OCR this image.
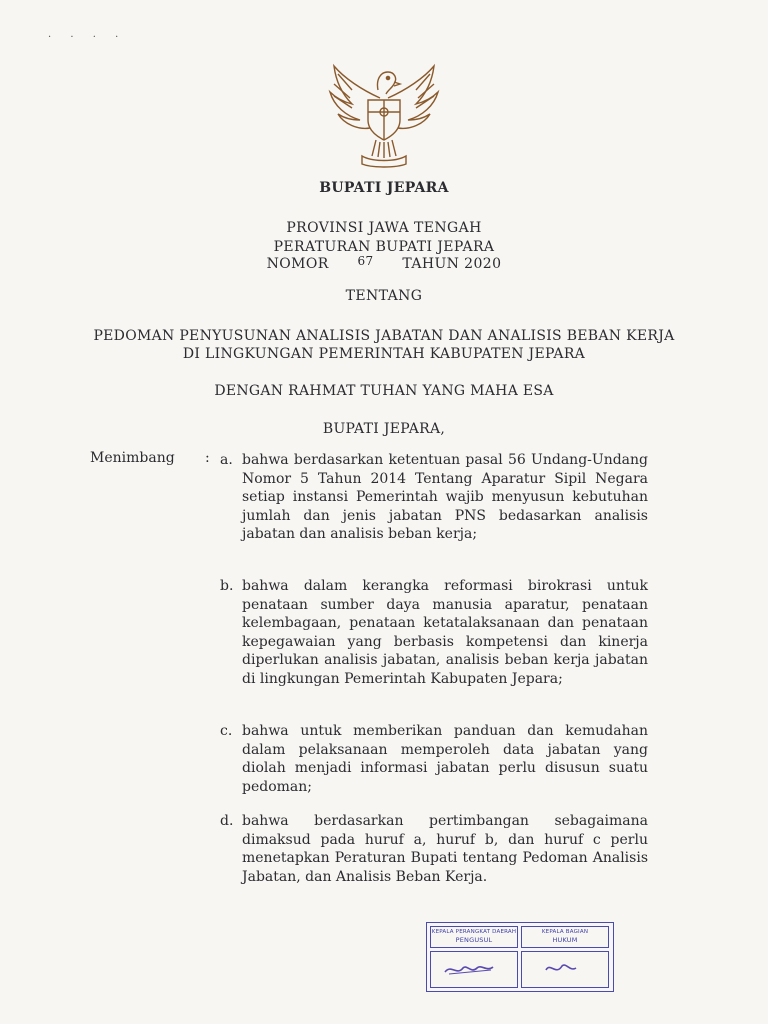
· · · ·
BUPATI JEPARA
PROVINSI JAWA TENGAH
PERATURAN BUPATI JEPARA
NOMOR 67 TAHUN 2020
TENTANG
PEDOMAN PENYUSUNAN ANALISIS JABATAN DAN ANALISIS BEBAN KERJA
DI LINGKUNGAN PEMERINTAH KABUPATEN JEPARA
DENGAN RAHMAT TUHAN YANG MAHA ESA
BUPATI JEPARA,
Menimbang : a. bahwa berdasarkan ketentuan pasal 56 Undang-Undang Nomor 5 Tahun 2014 Tentang Aparatur Sipil Negara setiap instansi Pemerintah wajib menyusun kebutuhan jumlah dan jenis jabatan PNS bedasarkan analisis jabatan dan analisis beban kerja;
b. bahwa dalam kerangka reformasi birokrasi untuk penataan sumber daya manusia aparatur, penataan kelembagaan, penataan ketatalaksanaan dan penataan kepegawaian yang berbasis kompetensi dan kinerja diperlukan analisis jabatan, analisis beban kerja jabatan di lingkungan Pemerintah Kabupaten Jepara;
c. bahwa untuk memberikan panduan dan kemudahan dalam pelaksanaan memperoleh data jabatan yang diolah menjadi informasi jabatan perlu disusun suatu pedoman;
d. bahwa berdasarkan pertimbangan sebagaimana dimaksud pada huruf a, huruf b, dan huruf c perlu menetapkan Peraturan Bupati tentang Pedoman Analisis Jabatan, dan Analisis Beban Kerja.
KEPALA PERANGKAT DAERAH
PENGUSUL
KEPALA BAGIAN
HUKUM
